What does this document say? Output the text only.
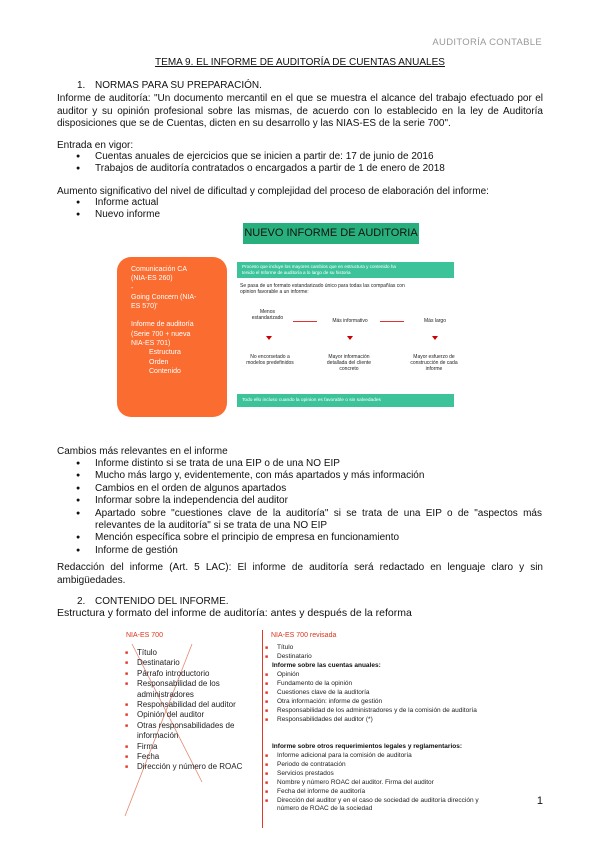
AUDITORÍA CONTABLE
TEMA 9. EL INFORME DE AUDITORÍA DE CUENTAS ANUALES
1. NORMAS PARA SU PREPARACIÓN.
Informe de auditoría: "Un documento mercantil en el que se muestra el alcance del trabajo efectuado por el auditor y su opinión profesional sobre las mismas, de acuerdo con lo establecido en la ley de Auditoría disposiciones que se de Cuentas, dicten en su desarrollo y las NIAS-ES de la serie 700".
Entrada en vigor:
● Cuentas anuales de ejercicios que se inicien a partir de: 17 de junio de 2016
● Trabajos de auditoría contratados o encargados a partir de 1 de enero de 2018
Aumento significativo del nivel de dificultad y complejidad del proceso de elaboración del informe:
● Informe actual
● Nuevo informe
NUEVO INFORME DE AUDITORIA
Comunicación CA
(NIA-ES 260)
-
Going Concern (NIA-
ES 570)'
Informe de auditoría
(Serie 700 + nueva
NIA-ES 701)
Estructura
Orden
Contenido
Proceso que incluye los mayores cambios que en estructura y contenido ha
tenido el Informe de auditoría a lo largo de su historia
Se pasa de un formato estandarizado único para todas las compañías con
opinion favorable a un informe:
Menos estandarizado	Más informativo	Más largo
No encorsetado a modelos predefinidos
Mayor información detallada del cliente concreto
Mayor esfuerzo de construcción de cada informe
Todo ello incluso cuando la opinion es favorable o sin salvedades
Cambios más relevantes en el informe
● Informe distinto si se trata de una EIP o de una NO EIP
● Mucho más largo y, evidentemente, con más apartados y más información
● Cambios en el orden de algunos apartados
● Informar sobre la independencia del auditor
● Apartado sobre "cuestiones clave de la auditoría" si se trata de una EIP o de "aspectos más relevantes de la auditoría" si se trata de una NO EIP
● Mención específica sobre el principio de empresa en funcionamiento
● Informe de gestión
Redacción del informe (Art. 5 LAC): El informe de auditoría será redactado en lenguaje claro y sin ambigüedades.
2. CONTENIDO DEL INFORME.
Estructura y formato del informe de auditoría: antes y después de la reforma
NIA-ES 700
■ Título
■ Destinatario
■ Párrafo introductorio
■ Responsabilidad de los administradores
■ Responsabilidad del auditor
■ Opinión del auditor
■ Otras responsabilidades de información
■ Firma
■ Fecha
■ Dirección y número de ROAC
NIA-ES 700 revisada
■ Título
■ Destinatario
Informe sobre las cuentas anuales:
■ Opinión
■ Fundamento de la opinión
■ Cuestiones clave de la auditoría
■ Otra información: informe de gestión
■ Responsabilidad de los administradores y de la comisión de auditoría
■ Responsabilidades del auditor (*)
Informe sobre otros requerimientos legales y reglamentarios:
■ Informe adicional para la comisión de auditoría
■ Periodo de contratación
■ Servicios prestados
■ Nombre y número ROAC del auditor. Firma del auditor
■ Fecha del informe de auditoría
■ Dirección del auditor y en el caso de sociedad de auditoría dirección y número de ROAC de la sociedad
1
